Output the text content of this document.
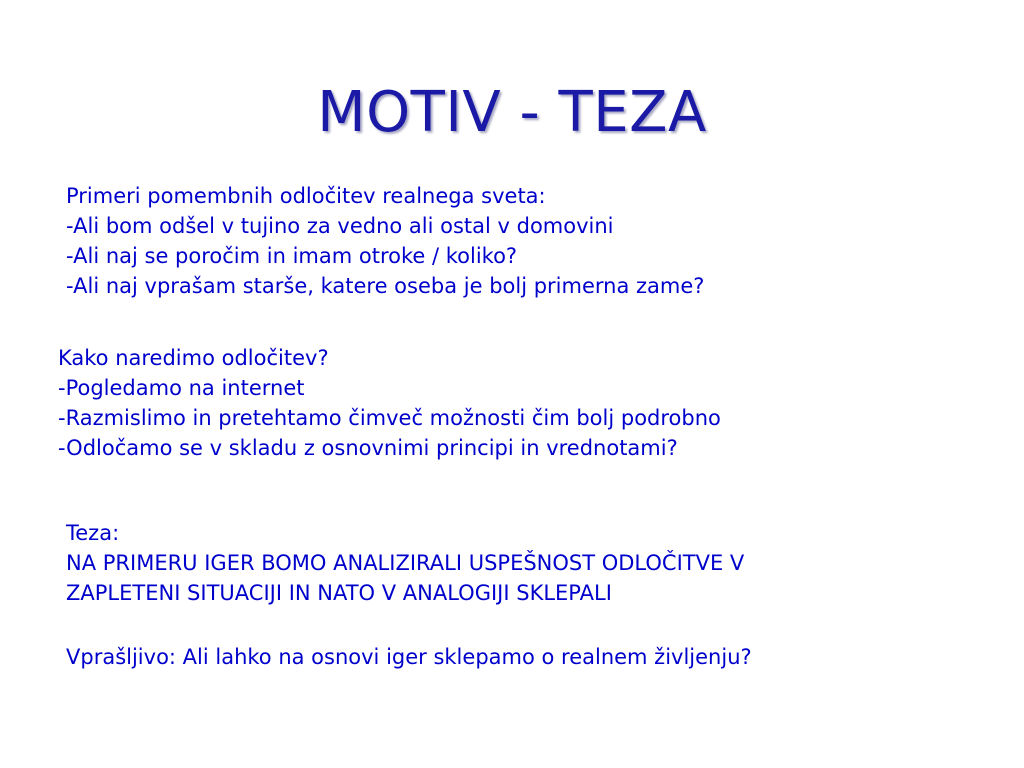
MOTIV - TEZA
Primeri pomembnih odločitev realnega sveta:
-Ali bom odšel v tujino za vedno ali ostal v domovini
-Ali naj se poročim in imam otroke / koliko?
-Ali naj vprašam starše, katere oseba je bolj primerna zame?
Kako naredimo odločitev?
-Pogledamo na internet
-Razmislimo in pretehtamo čimveč možnosti čim bolj podrobno
-Odločamo se v skladu z osnovnimi principi in vrednotami?
Teza:
NA PRIMERU IGER BOMO ANALIZIRALI USPEŠNOST ODLOČITVE V
ZAPLETENI SITUACIJI IN NATO V ANALOGIJI SKLEPALI
Vprašljivo: Ali lahko na osnovi iger sklepamo o realnem življenju?
